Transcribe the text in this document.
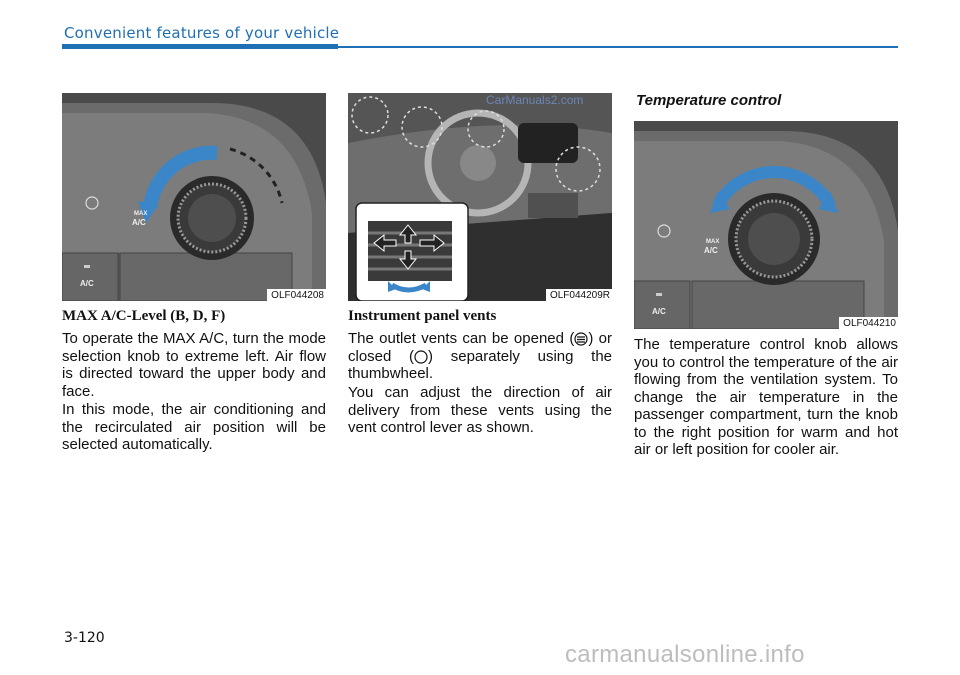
Convenient features of your vehicle
MAX
A/C
A/C
OLF044208	OLF044209R
MAX
A/C
A/C
OLF044210
MAX A/C-Level (B, D, F)

To operate the MAX A/C, turn the mode selection knob to extreme left. Air flow is directed toward the upper body and face.

In this mode, the air conditioning and the recirculated air position will be selected automatically.

Instrument panel vents

The outlet vents can be opened ( ) or closed ( ) separately using the thumbwheel.

You can adjust the direction of air delivery from these vents using the vent control lever as shown.

Temperature control

The temperature control knob allows you to control the temperature of the air flowing from the ventilation system. To change the air temperature in the passenger compartment, turn the knob to the right position for warm and hot air or left position for cooler air.

3-120
CarManuals2.com
carmanualsonline.info
